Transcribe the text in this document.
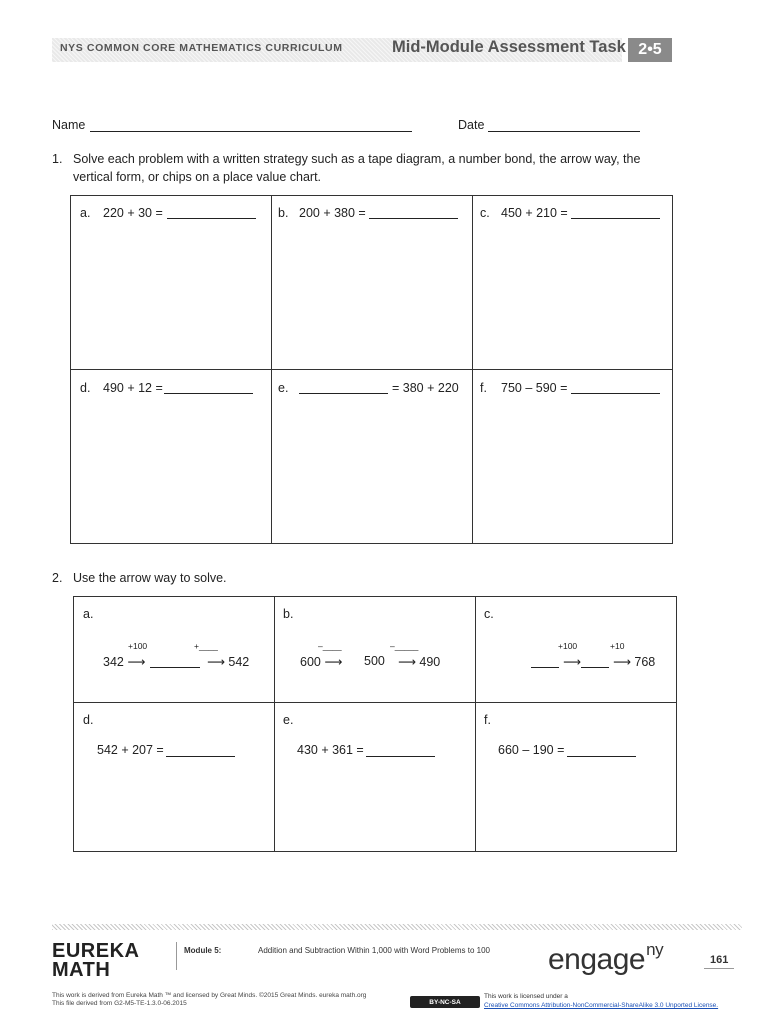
NYS COMMON CORE MATHEMATICS CURRICULUM	Mid-Module Assessment Task 2•5
Name	Date
1. Solve each problem with a written strategy such as a tape diagram, a number bond, the arrow way, the
vertical form, or chips on a place value chart.
a. 220 + 30 =	b. 200 + 380 =	c. 450 + 210 =
d. 490 + 12 =	e.	= 380 + 220 f. 750 – 590 =
2. Use the arrow way to solve.
a.
+100	+____
342 ⟶	⟶ 542
b.
–____	–_____
600 ⟶ 500 ⟶ 490
c.
+100	+10
⟶	⟶ 768
d.
542 + 207 =
e.
430 + 361 =
f.
660 – 190 =
EUREKA
MATH
Module 5:	Addition and Subtraction Within 1,000 with Word Problems to 100 engage$^{ny}$
161
This work is derived from Eureka Math ™ and licensed by Great Minds. ©2015 Great Minds. eureka math.org
This file derived from G2-M5-TE-1.3.0-06.2015	BY-NC-SA
This work is licensed under a
Creative Commons Attribution-NonCommercial-ShareAlike 3.0 Unported License.
